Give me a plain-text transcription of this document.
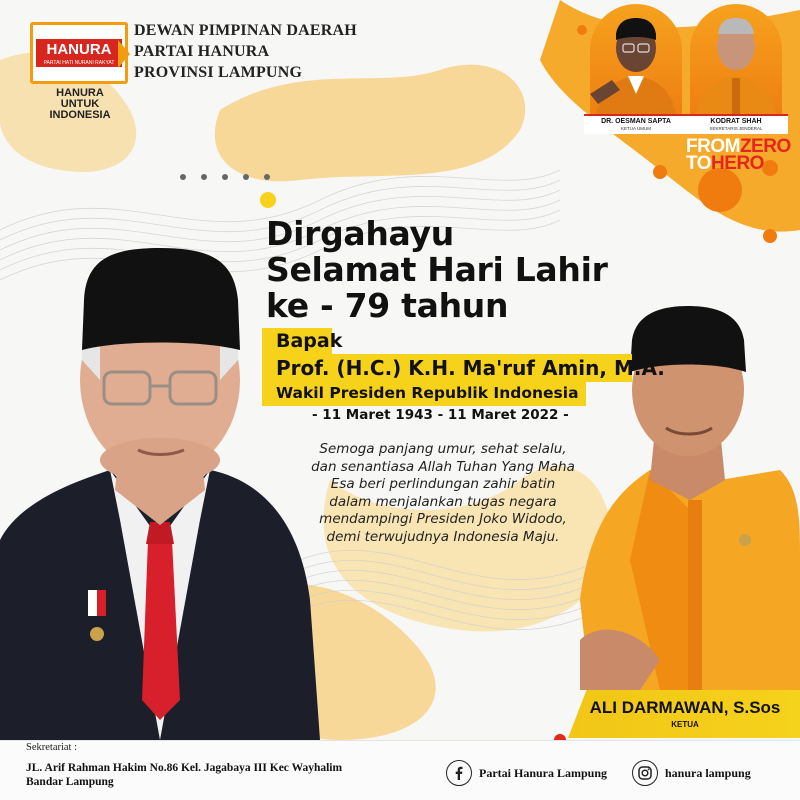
HANURA
PARTAI HATI NURANI RAKYAT
HANURA UNTUK INDONESIA
DEWAN PIMPINAN DAERAH
PARTAI HANURA
PROVINSI LAMPUNG
DR. OESMAN SAPTA
KETUA UMUM
KODRAT SHAH
SEKRETARIS JENDERAL
FROMZERO
TOHERO
Dirgahayu
Selamat Hari Lahir
ke - 79 tahun
Bapak
Prof. (H.C.) K.H. Ma'ruf Amin, M.A.
Wakil Presiden Republik Indonesia
- 11 Maret 1943 - 11 Maret 2022 -
Semoga panjang umur, sehat selalu,
dan senantiasa Allah Tuhan Yang Maha
Esa beri perlindungan zahir batin
dalam menjalankan tugas negara
mendampingi Presiden Joko Widodo,
demi terwujudnya Indonesia Maju.
ALI DARMAWAN, S.Sos
KETUA
Sekretariat :
JL. Arif Rahman Hakim No.86 Kel. Jagabaya III Kec Wayhalim
Bandar Lampung
Partai Hanura Lampung	hanura lampung
